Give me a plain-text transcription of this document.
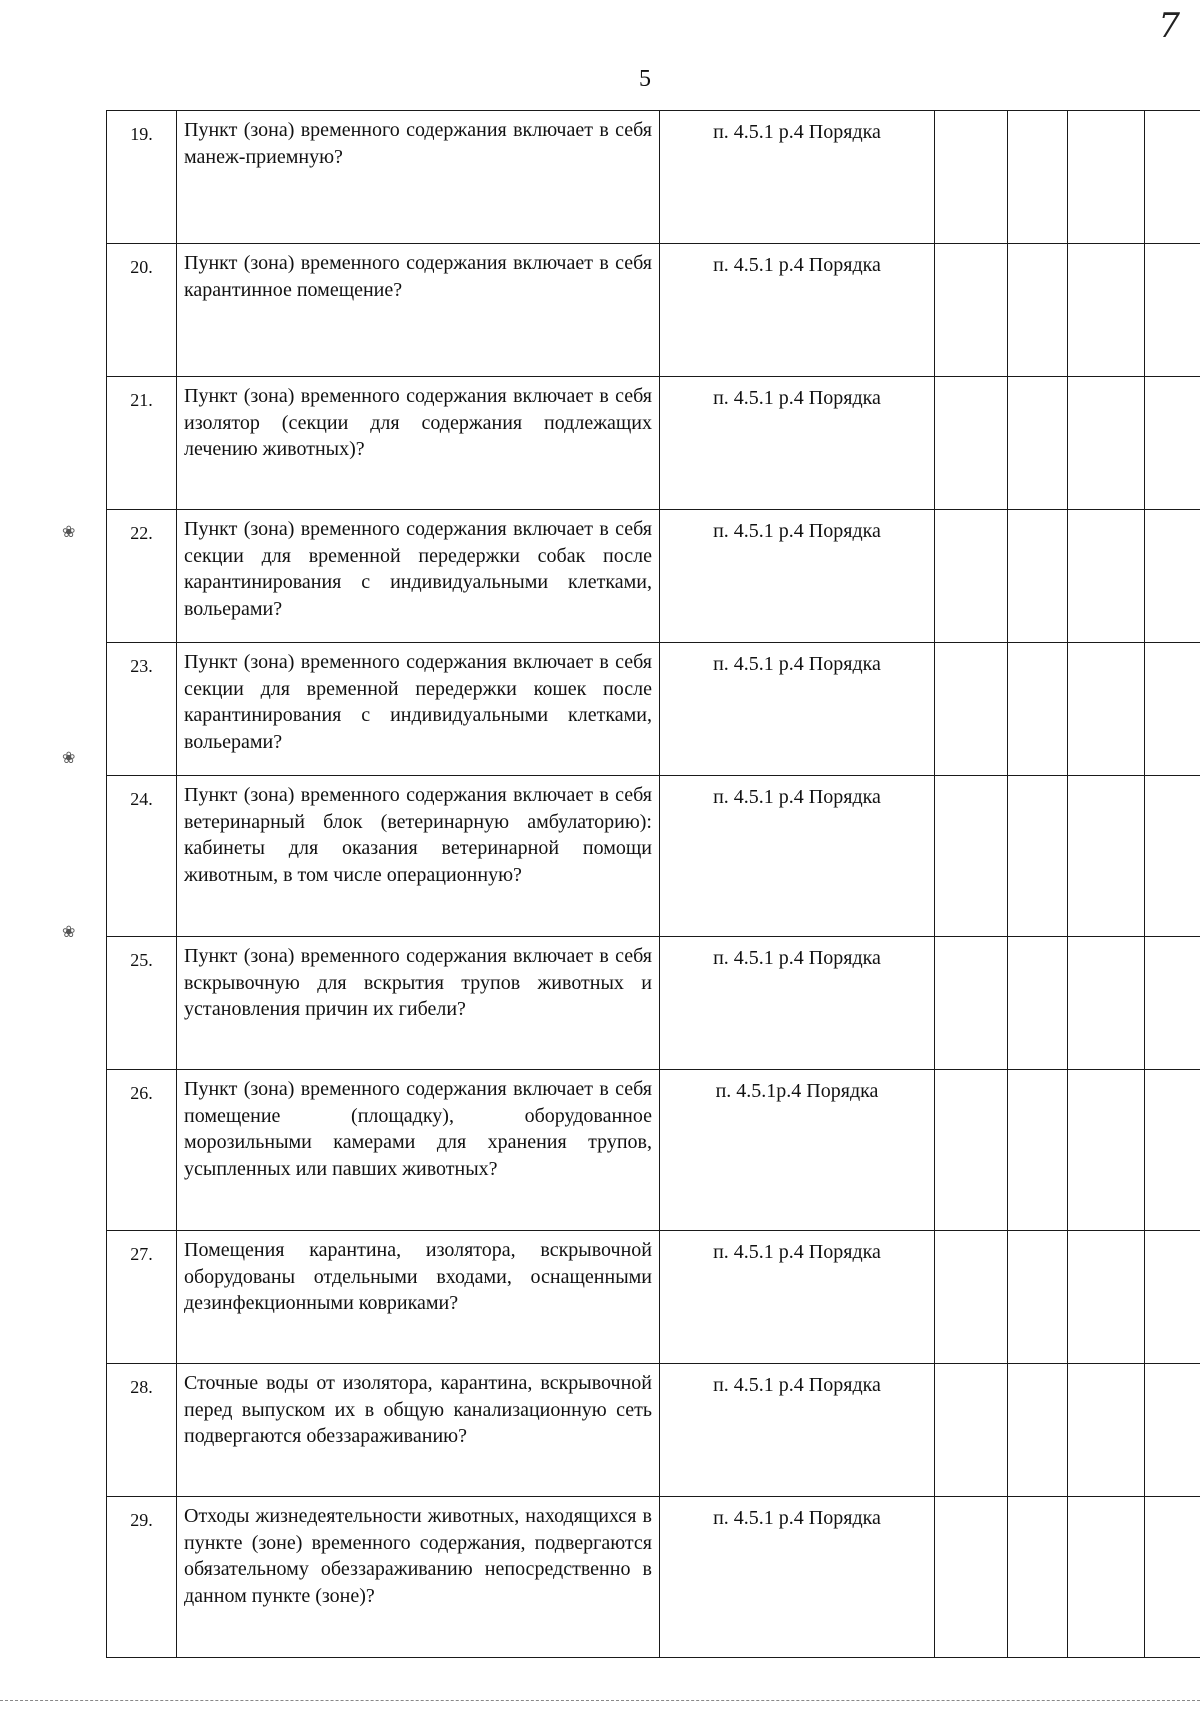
7
5
❀
❀
❀
19.	Пункт (зона) временного содержания включает в себя манеж-приемную?	п. 4.5.1 р.4 Порядка				
20.	Пункт (зона) временного содержания включает в себя карантинное помещение?	п. 4.5.1 р.4 Порядка				
21.	Пункт (зона) временного содержания включает в себя изолятор (секции для содержания подлежащих лечению животных)?	п. 4.5.1 р.4 Порядка				
22.	Пункт (зона) временного содержания включает в себя секции для временной передержки собак после карантинирования с индивидуальными клетками, вольерами?	п. 4.5.1 р.4 Порядка				
23.	Пункт (зона) временного содержания включает в себя секции для временной передержки кошек после карантинирования с индивидуальными клетками, вольерами?	п. 4.5.1 р.4 Порядка				
24.	Пункт (зона) временного содержания включает в себя ветеринарный блок (ветеринарную амбулаторию): кабинеты для оказания ветеринарной помощи животным, в том числе операционную?	п. 4.5.1 р.4 Порядка				
25.	Пункт (зона) временного содержания включает в себя вскрывочную для вскрытия трупов животных и установления причин их гибели?	п. 4.5.1 р.4 Порядка				
26.	Пункт (зона) временного содержания включает в себя помещение (площадку), оборудованное морозильными камерами для хранения трупов, усыпленных или павших животных?	п. 4.5.1р.4 Порядка				
27.	Помещения карантина, изолятора, вскрывочной оборудованы отдельными входами, оснащенными дезинфекционными ковриками?	п. 4.5.1 р.4 Порядка				
28.	Сточные воды от изолятора, карантина, вскрывочной перед выпуском их в общую канализационную сеть подвергаются обеззараживанию?	п. 4.5.1 р.4 Порядка				
29.	Отходы жизнедеятельности животных, находящихся в пункте (зоне) временного содержания, подвергаются обязательному обеззараживанию непосредственно в данном пункте (зоне)?	п. 4.5.1 р.4 Порядка				
